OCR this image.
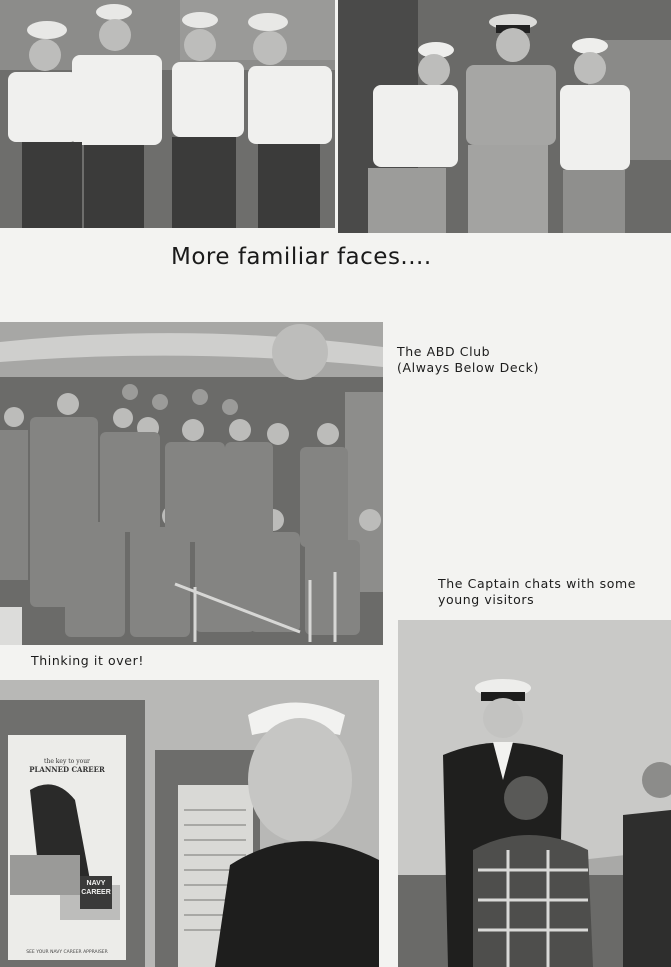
More familiar faces....

The ABD Club
(Always Below Deck)

The Captain chats with some
young visitors

Thinking it over!

the key to your
PLANNED CAREER
NAVY
CAREER
SEE YOUR NAVY CAREER APPRAISER
